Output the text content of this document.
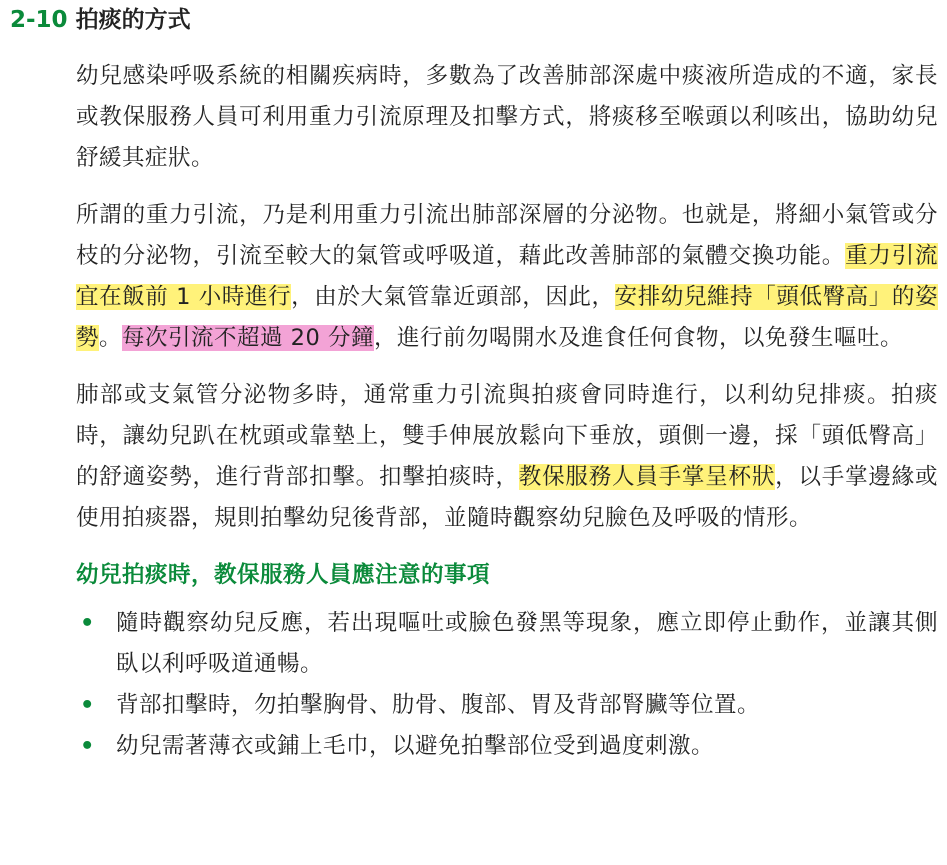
2-10 拍痰的方式

幼兒感染呼吸系統的相關疾病時，多數為了改善肺部深處中痰液所造成的不適，家長或教保服務人員可利用重力引流原理及扣擊方式，將痰移至喉頭以利咳出，協助幼兒舒緩其症狀。

所謂的重力引流，乃是利用重力引流出肺部深層的分泌物。也就是，將細小氣管或分枝的分泌物，引流至較大的氣管或呼吸道，藉此改善肺部的氣體交換功能。重力引流宜在飯前 1 小時進行，由於大氣管靠近頭部，因此，安排幼兒維持「頭低臀高」的姿勢。每次引流不超過 20 分鐘，進行前勿喝開水及進食任何食物，以免發生嘔吐。

肺部或支氣管分泌物多時，通常重力引流與拍痰會同時進行，以利幼兒排痰。拍痰時，讓幼兒趴在枕頭或靠墊上，雙手伸展放鬆向下垂放，頭側一邊，採「頭低臀高」的舒適姿勢，進行背部扣擊。扣擊拍痰時，教保服務人員手掌呈杯狀，以手掌邊緣或使用拍痰器，規則拍擊幼兒後背部，並隨時觀察幼兒臉色及呼吸的情形。

幼兒拍痰時，教保服務人員應注意的事項
• 隨時觀察幼兒反應，若出現嘔吐或臉色發黑等現象，應立即停止動作，並讓其側臥以利呼吸道通暢。
• 背部扣擊時，勿拍擊胸骨、肋骨、腹部、胃及背部腎臟等位置。
• 幼兒需著薄衣或鋪上毛巾，以避免拍擊部位受到過度刺激。
